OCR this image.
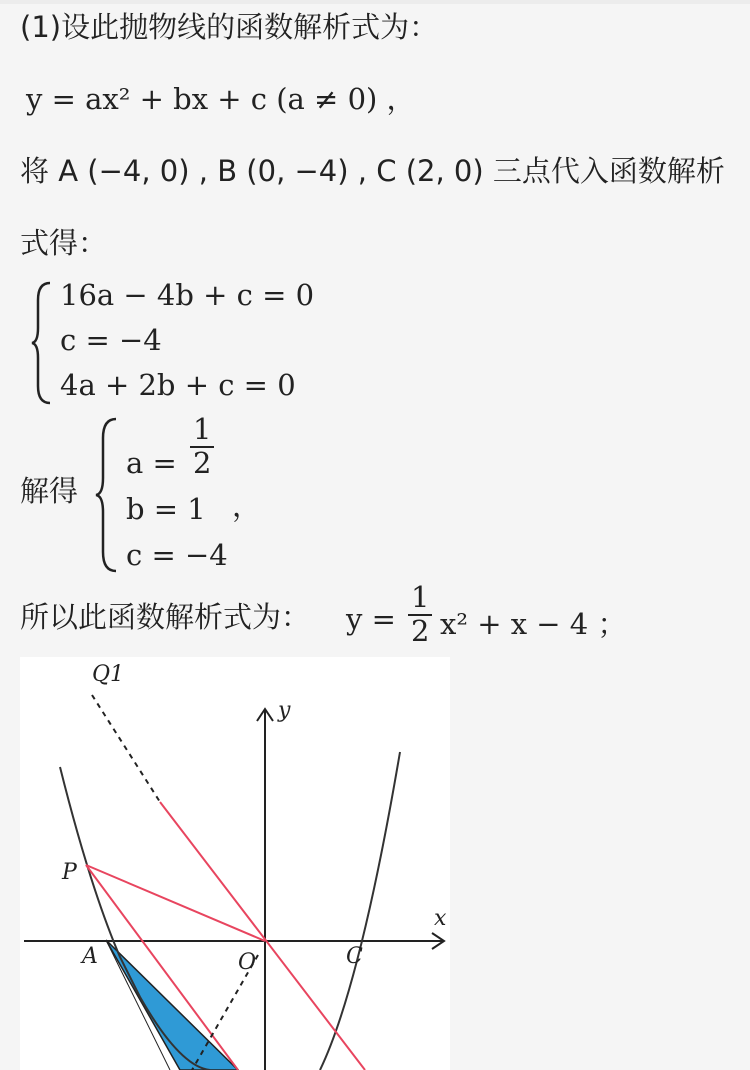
(1)设此抛物线的函数解析式为：
y = ax² + bx + c (a ≠ 0) ，
将 A (−4, 0) , B (0, −4) , C (2, 0) 三点代入函数解析
式得：
16a − 4b + c = 0
c = −4
4a + 2b + c = 0
解得
$a = \frac{1}{2}$
b = 1 ，
c = −4
所以此函数解析式为： $y = \frac{1}{2} x^2 + x - 4$ ；
Q1
y
x
P
A	O	C
